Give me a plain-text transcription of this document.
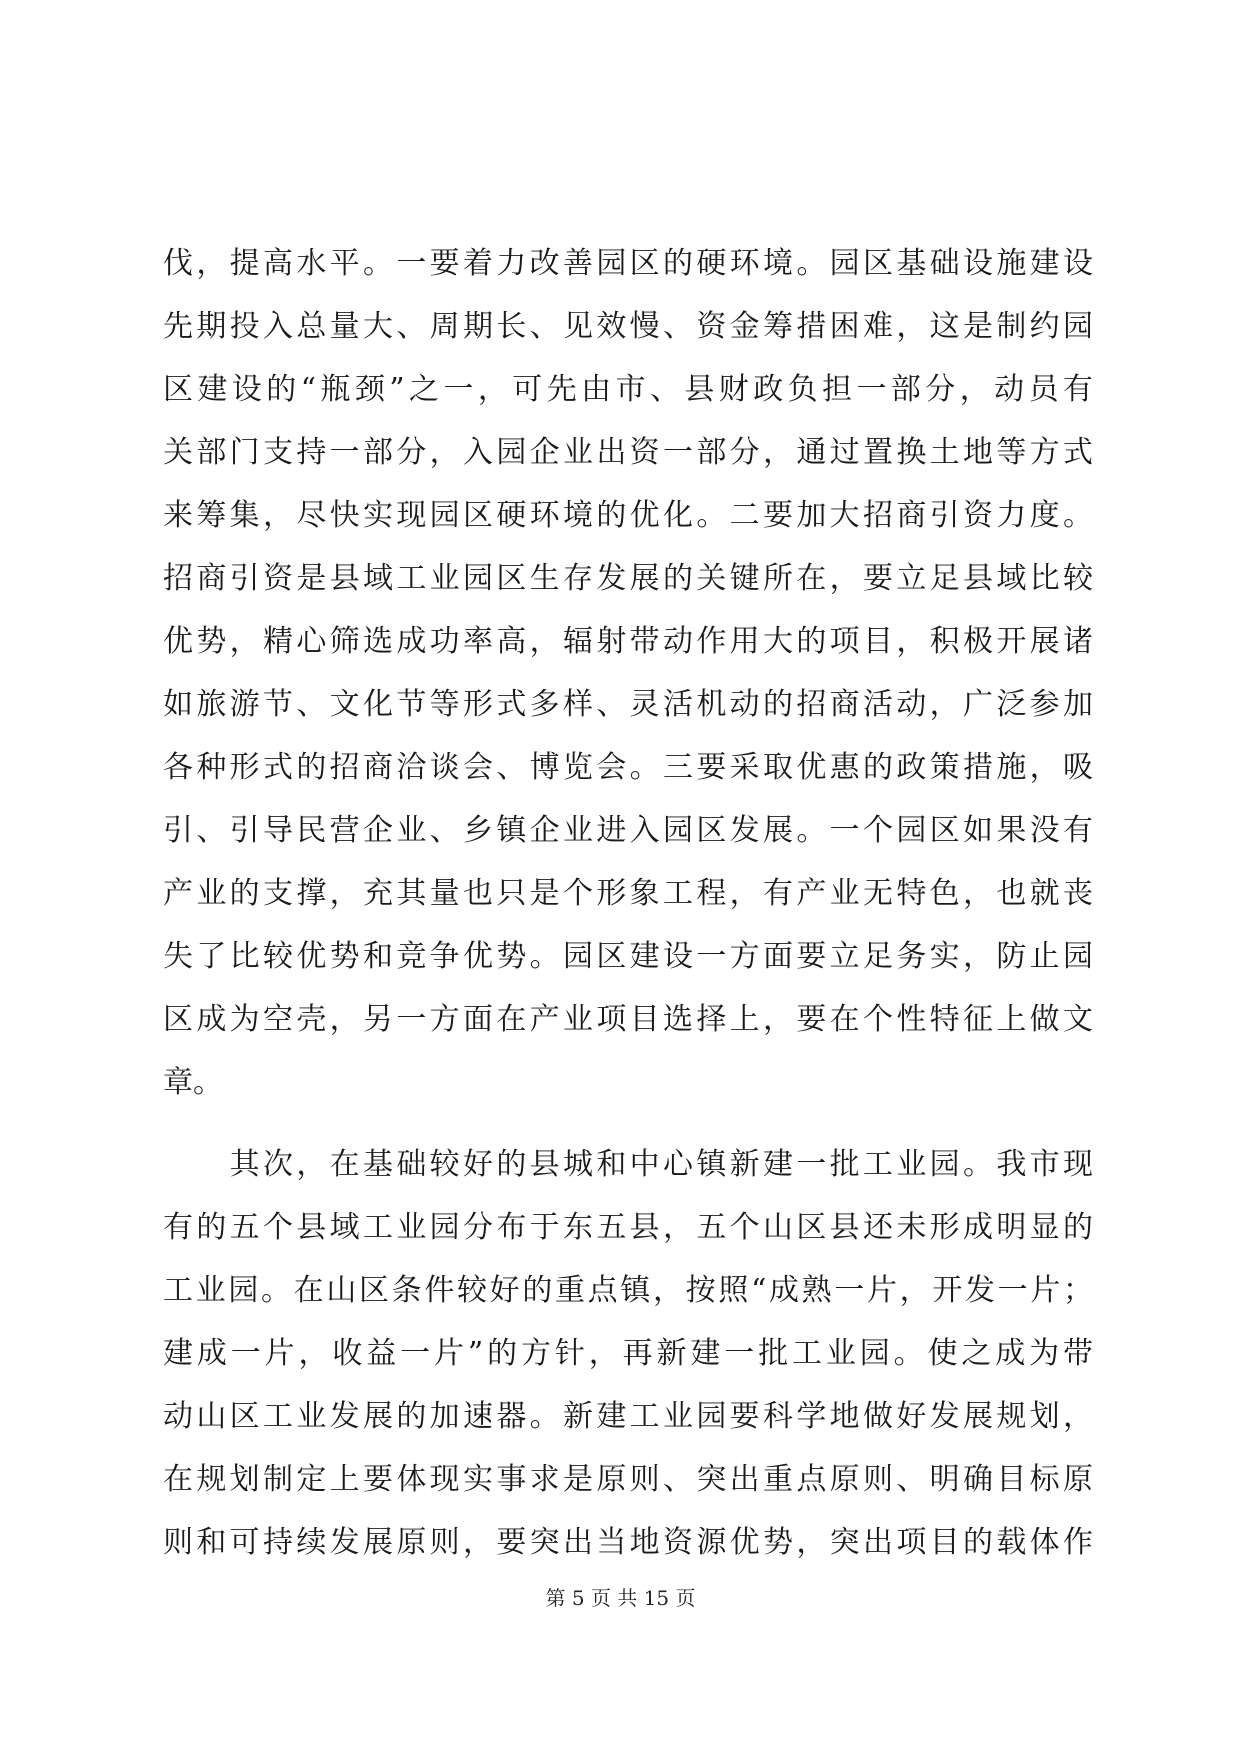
伐，提高水平。一要着力改善园区的硬环境。园区基础设施建设
先期投入总量大、周期长、见效慢、资金筹措困难，这是制约园
区建设的“瓶颈”之一，可先由市、县财政负担一部分，动员有
关部门支持一部分，入园企业出资一部分，通过置换土地等方式
来筹集，尽快实现园区硬环境的优化。二要加大招商引资力度。
招商引资是县域工业园区生存发展的关键所在，要立足县域比较
优势，精心筛选成功率高，辐射带动作用大的项目，积极开展诸
如旅游节、文化节等形式多样、灵活机动的招商活动，广泛参加
各种形式的招商洽谈会、博览会。三要采取优惠的政策措施，吸
引、引导民营企业、乡镇企业进入园区发展。一个园区如果没有
产业的支撑，充其量也只是个形象工程，有产业无特色，也就丧
失了比较优势和竞争优势。园区建设一方面要立足务实，防止园
区成为空壳，另一方面在产业项目选择上，要在个性特征上做文
章。
　　其次，在基础较好的县城和中心镇新建一批工业园。我市现
有的五个县域工业园分布于东五县，五个山区县还未形成明显的
工业园。在山区条件较好的重点镇，按照“成熟一片，开发一片；
建成一片，收益一片”的方针，再新建一批工业园。使之成为带
动山区工业发展的加速器。新建工业园要科学地做好发展规划，
在规划制定上要体现实事求是原则、突出重点原则、明确目标原
则和可持续发展原则，要突出当地资源优势，突出项目的载体作
第 5 页 共 15 页
